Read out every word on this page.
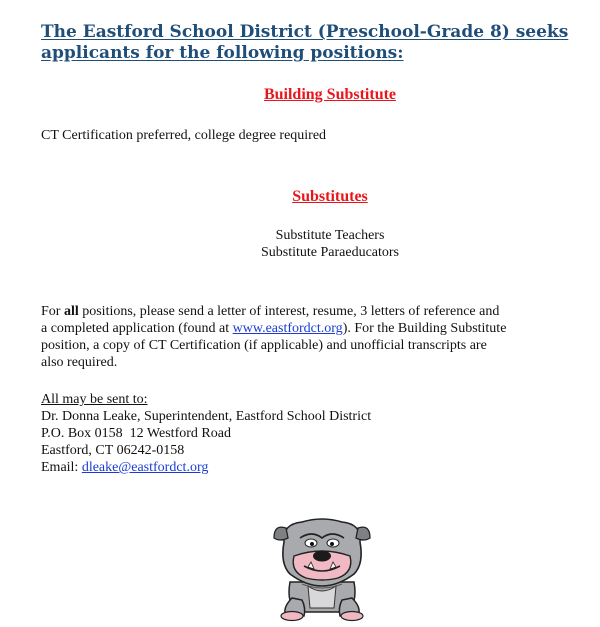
The Eastford School District (Preschool-Grade 8) seeks
applicants for the following positions:
Building Substitute

CT Certification preferred, college degree required

Substitutes

Substitute Teachers

Substitute Paraeducators

For all positions, please send a letter of interest, resume, 3 letters of reference and

a completed application (found at www.eastfordct.org). For the Building Substitute

position, a copy of CT Certification (if applicable) and unofficial transcripts are

also required.

All may be sent to:

Dr. Donna Leake, Superintendent, Eastford School District

P.O. Box 0158  12 Westford Road

Eastford, CT 06242-0158

Email: dleake@eastfordct.org
